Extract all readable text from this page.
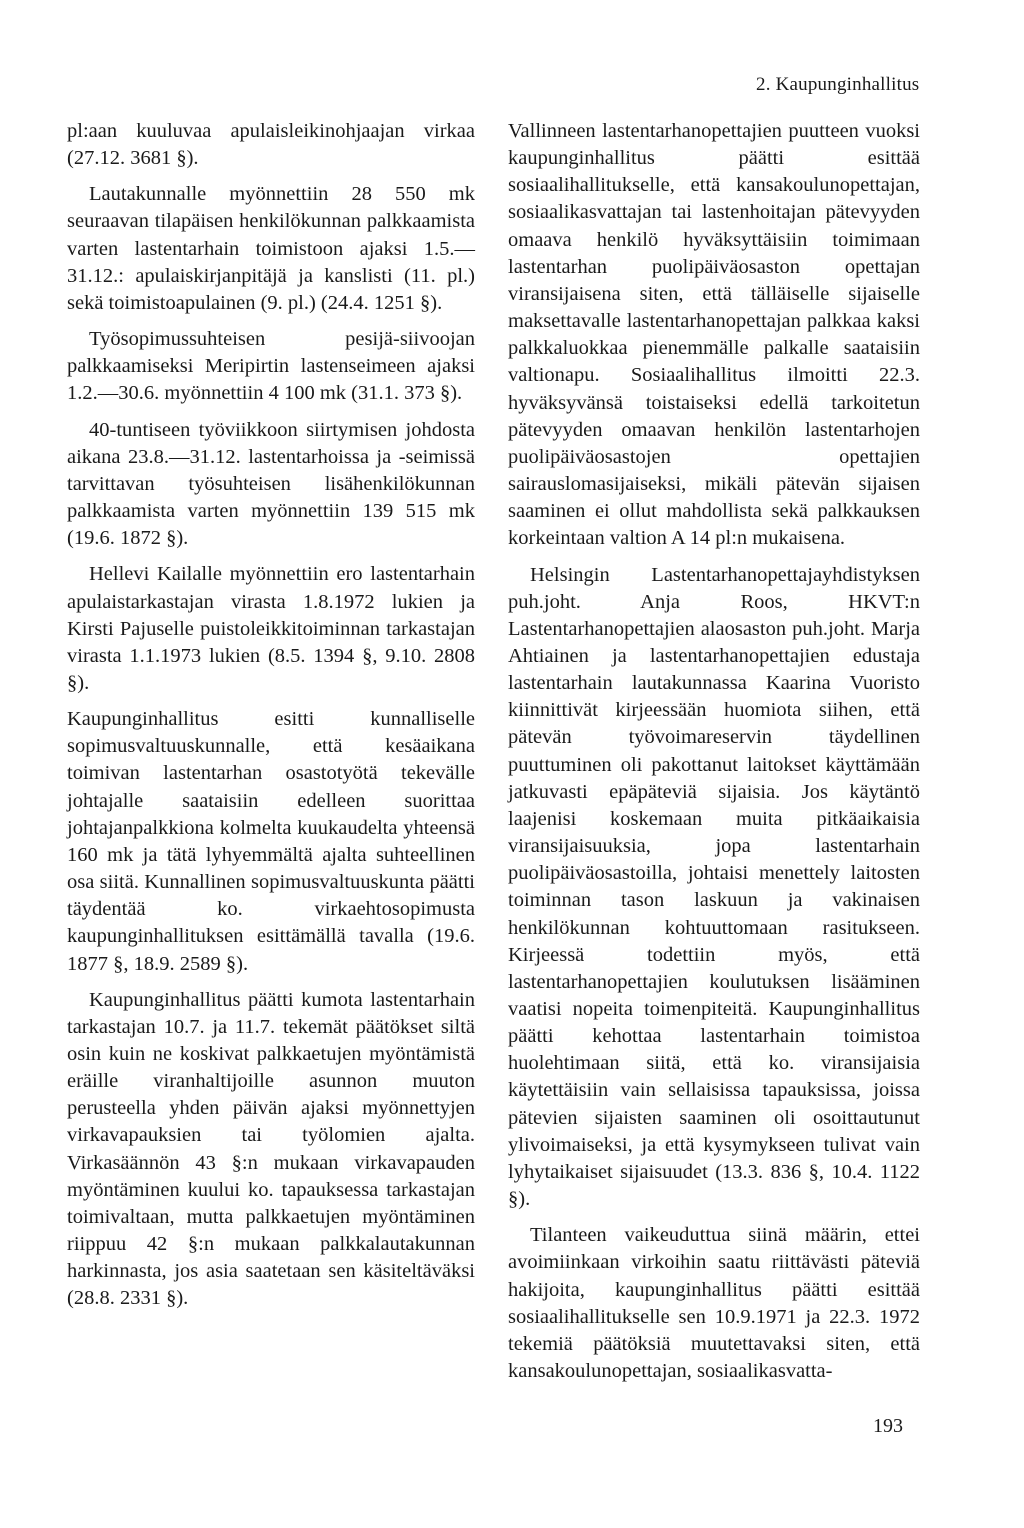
2. Kaupunginhallitus

pl:aan kuuluvaa apulaisleikinohjaajan virkaa (27.12. 3681 §).

Lautakunnalle myönnettiin 28 550 mk seuraavan tilapäisen henkilökunnan palkkaamista varten lastentarhain toimistoon ajaksi 1.5.—31.12.: apulaiskirjanpitäjä ja kanslisti (11. pl.) sekä toimistoapulainen (9. pl.) (24.4. 1251 §).

Työsopimussuhteisen pesijä-siivoojan palkkaamiseksi Meripirtin lastenseimeen ajaksi 1.2.—30.6. myönnettiin 4 100 mk (31.1. 373 §).

40-tuntiseen työviikkoon siirtymisen johdosta aikana 23.8.—31.12. lastentarhoissa ja -seimissä tarvittavan työsuhteisen lisähenkilökunnan palkkaamista varten myönnettiin 139 515 mk (19.6. 1872 §).

Hellevi Kailalle myönnettiin ero lastentarhain apulaistarkastajan virasta 1.8.1972 lukien ja Kirsti Pajuselle puistoleikkitoiminnan tarkastajan virasta 1.1.1973 lukien (8.5. 1394 §, 9.10. 2808 §).

Kaupunginhallitus esitti kunnalliselle sopimusvaltuuskunnalle, että kesäaikana toimivan lastentarhan osastotyötä tekevälle johtajalle saataisiin edelleen suorittaa johtajanpalkkiona kolmelta kuukaudelta yhteensä 160 mk ja tätä lyhyemmältä ajalta suhteellinen osa siitä. Kunnallinen sopimusvaltuuskunta päätti täydentää ko. virkaehtosopimusta kaupunginhallituksen esittämällä tavalla (19.6. 1877 §, 18.9. 2589 §).

Kaupunginhallitus päätti kumota lastentarhain tarkastajan 10.7. ja 11.7. tekemät päätökset siltä osin kuin ne koskivat palkkaetujen myöntämistä eräille viranhaltijoille asunnon muuton perusteella yhden päivän ajaksi myönnettyjen virkavapauksien tai työlomien ajalta. Virkasäännön 43 §:n mukaan virkavapauden myöntäminen kuului ko. tapauksessa tarkastajan toimivaltaan, mutta palkkaetujen myöntäminen riippuu 42 §:n mukaan palkkalautakunnan harkinnasta, jos asia saatetaan sen käsiteltäväksi (28.8. 2331 §).

Vallinneen lastentarhanopettajien puutteen vuoksi kaupunginhallitus päätti esittää sosiaalihallitukselle, että kansakoulunopettajan, sosiaalikasvattajan tai lastenhoitajan pätevyyden omaava henkilö hyväksyttäisiin toimimaan lastentarhan puolipäiväosaston opettajan viransijaisena siten, että tälläiselle sijaiselle maksettavalle lastentarhanopettajan palkkaa kaksi palkkaluokkaa pienemmälle palkalle saataisiin valtionapu. Sosiaalihallitus ilmoitti 22.3. hyväksyvänsä toistaiseksi edellä tarkoitetun pätevyyden omaavan henkilön lastentarhojen puolipäiväosastojen opettajien sairauslomasijaiseksi, mikäli pätevän sijaisen saaminen ei ollut mahdollista sekä palkkauksen korkeintaan valtion A 14 pl:n mukaisena.

Helsingin Lastentarhanopettajayhdistyksen puh.joht. Anja Roos, HKVT:n Lastentarhanopettajien alaosaston puh.joht. Marja Ahtiainen ja lastentarhanopettajien edustaja lastentarhain lautakunnassa Kaarina Vuoristo kiinnittivät kirjeessään huomiota siihen, että pätevän työvoimareservin täydellinen puuttuminen oli pakottanut laitokset käyttämään jatkuvasti epäpäteviä sijaisia. Jos käytäntö laajenisi koskemaan muita pitkäaikaisia viransijaisuuksia, jopa lastentarhain puolipäiväosastoilla, johtaisi menettely laitosten toiminnan tason laskuun ja vakinaisen henkilökunnan kohtuuttomaan rasitukseen. Kirjeessä todettiin myös, että lastentarhanopettajien koulutuksen lisääminen vaatisi nopeita toimenpiteitä. Kaupunginhallitus päätti kehottaa lastentarhain toimistoa huolehtimaan siitä, että ko. viransijaisia käytettäisiin vain sellaisissa tapauksissa, joissa pätevien sijaisten saaminen oli osoittautunut ylivoimaiseksi, ja että kysymykseen tulivat vain lyhytaikaiset sijaisuudet (13.3. 836 §, 10.4. 1122 §).

Tilanteen vaikeuduttua siinä määrin, ettei avoimiinkaan virkoihin saatu riittävästi päteviä hakijoita, kaupunginhallitus päätti esittää sosiaalihallitukselle sen 10.9.1971 ja 22.3. 1972 tekemiä päätöksiä muutettavaksi siten, että kansakoulunopettajan, sosiaalikasvatta-

193
